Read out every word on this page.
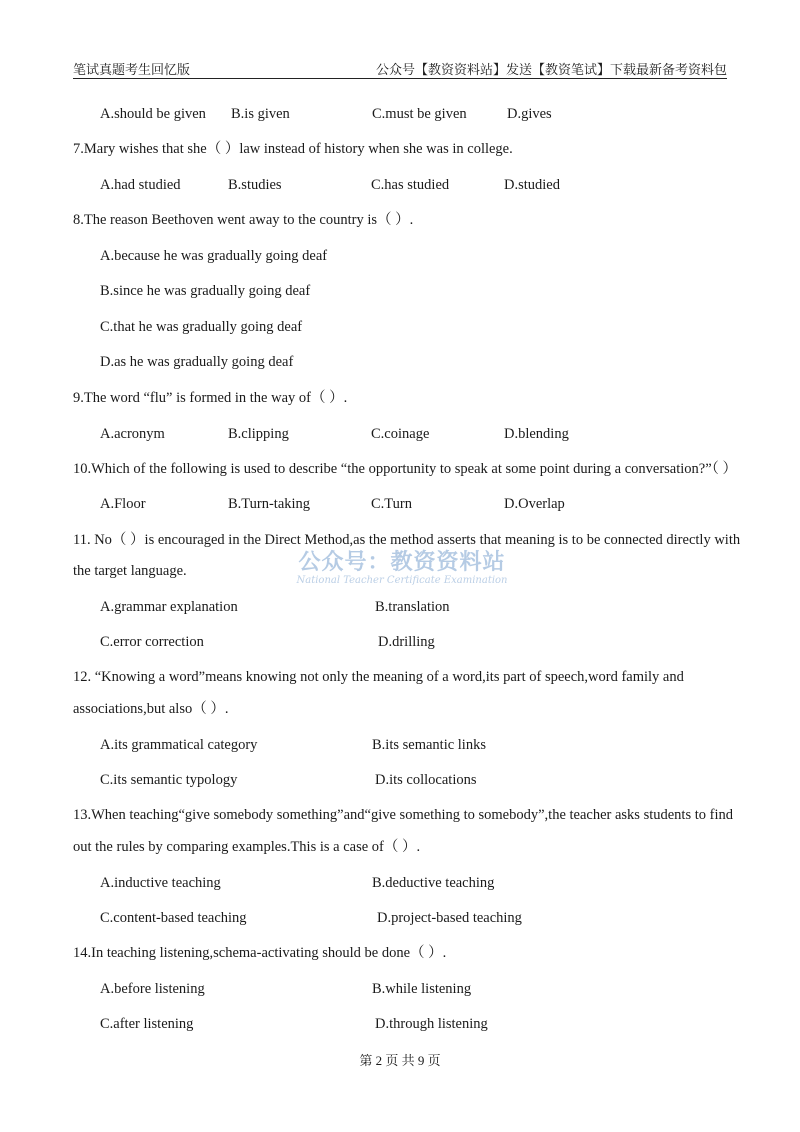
笔试真题考生回忆版	公众号【教资资料站】发送【教资笔试】下载最新备考资料包
A.should be given B.is given	C.must be given	D.gives
7.Mary wishes that she（ ）law instead of history when she was in college.
A.had studied	B.studies	C.has studied	D.studied
8.The reason Beethoven went away to the country is（ ）.
A.because he was gradually going deaf
B.since he was gradually going deaf
C.that he was gradually going deaf
D.as he was gradually going deaf
9.The word “flu” is formed in the way of（ ）.
A.acronym	B.clipping	C.coinage	D.blending
10.Which of the following is used to describe “the opportunity to speak at some point during a conversation?”（ ）
A.Floor	B.Turn-taking	C.Turn	D.Overlap
11. No（ ）is encouraged in the Direct Method,as the method asserts that meaning is to be connected directly with
the target language.
A.grammar explanation	B.translation
C.error correction	D.drilling
公众号：教资资料站
National Teacher Certificate Examination
12. “Knowing a word”means knowing not only the meaning of a word,its part of speech,word family and
associations,but also（ ）.
A.its grammatical category	B.its semantic links
C.its semantic typology	D.its collocations
13.When teaching“give somebody something”and“give something to somebody”,the teacher asks students to find
out the rules by comparing examples.This is a case of（ ）.
A.inductive teaching	B.deductive teaching
C.content-based teaching	D.project-based teaching
14.In teaching listening,schema-activating should be done（ ）.
A.before listening	B.while listening
C.after listening	D.through listening
第 2 页 共 9 页
